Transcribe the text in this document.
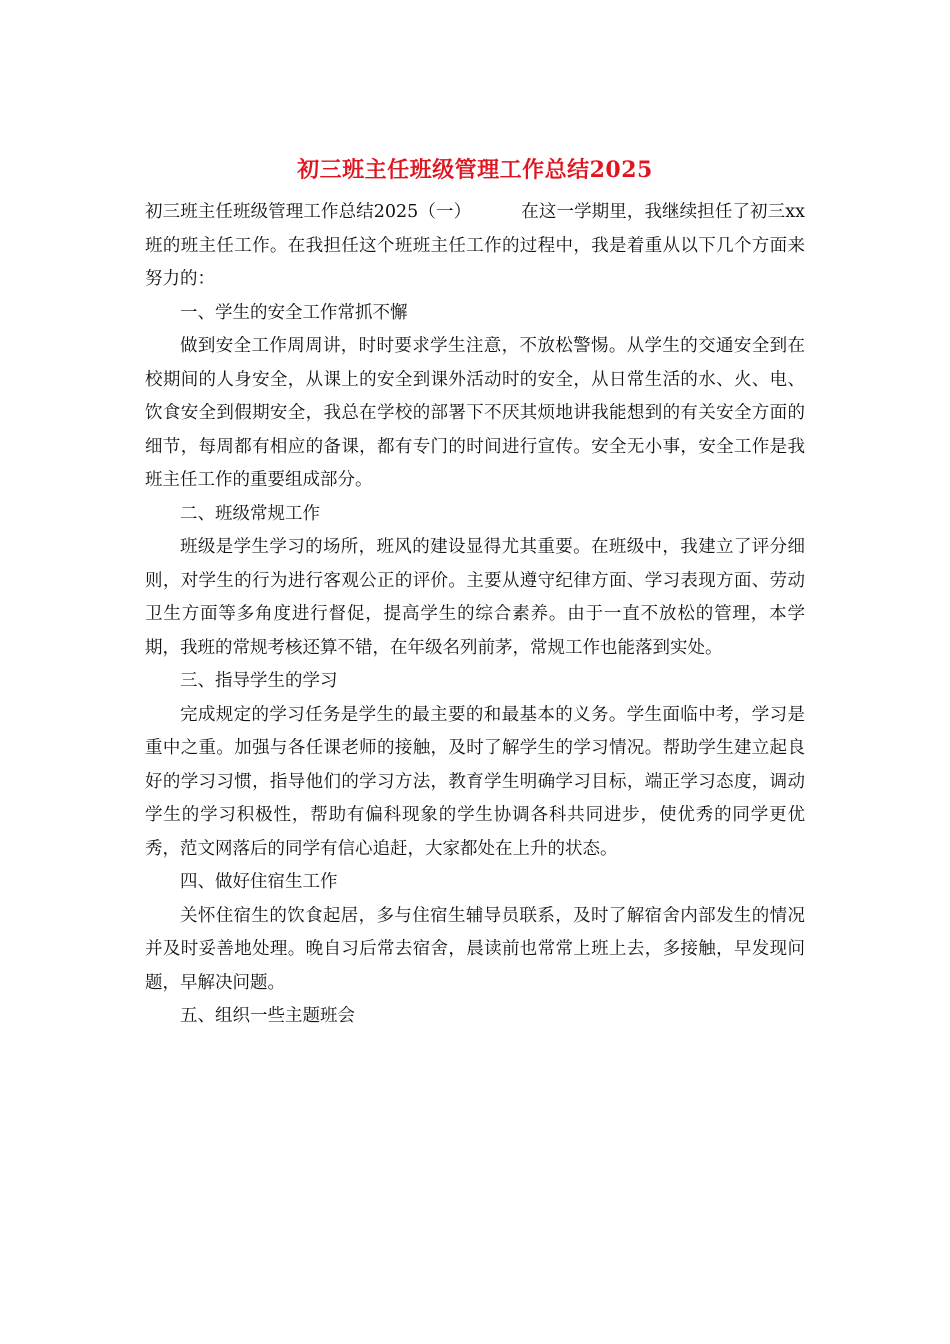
初三班主任班级管理工作总结2025

初三班主任班级管理工作总结2025（一）	在这一学期里，我继续担任了初三xx班的班主任工作。在我担任这个班班主任工作的过程中，我是着重从以下几个方面来努力的：

一、学生的安全工作常抓不懈

做到安全工作周周讲，时时要求学生注意，不放松警惕。从学生的交通安全到在校期间的人身安全，从课上的安全到课外活动时的安全，从日常生活的水、火、电、饮食安全到假期安全，我总在学校的部署下不厌其烦地讲我能想到的有关安全方面的细节，每周都有相应的备课，都有专门的时间进行宣传。安全无小事，安全工作是我班主任工作的重要组成部分。

二、班级常规工作

班级是学生学习的场所，班风的建设显得尤其重要。在班级中，我建立了评分细则，对学生的行为进行客观公正的评价。主要从遵守纪律方面、学习表现方面、劳动卫生方面等多角度进行督促，提高学生的综合素养。由于一直不放松的管理，本学期，我班的常规考核还算不错，在年级名列前茅，常规工作也能落到实处。

三、指导学生的学习

完成规定的学习任务是学生的最主要的和最基本的义务。学生面临中考，学习是重中之重。加强与各任课老师的接触，及时了解学生的学习情况。帮助学生建立起良好的学习习惯，指导他们的学习方法，教育学生明确学习目标，端正学习态度，调动学生的学习积极性，帮助有偏科现象的学生协调各科共同进步，使优秀的同学更优秀，范文网落后的同学有信心追赶，大家都处在上升的状态。

四、做好住宿生工作

关怀住宿生的饮食起居，多与住宿生辅导员联系，及时了解宿舍内部发生的情况并及时妥善地处理。晚自习后常去宿舍，晨读前也常常上班上去，多接触，早发现问题，早解决问题。

五、组织一些主题班会
